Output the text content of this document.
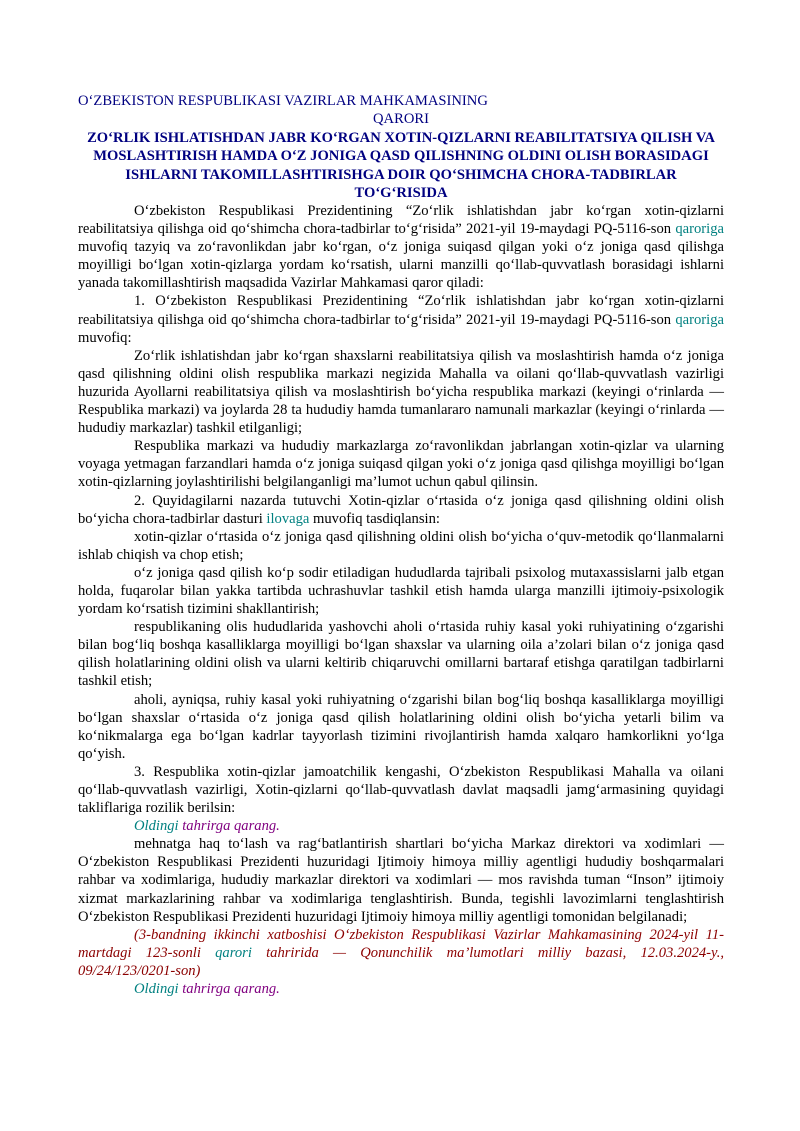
O‘ZBEKISTON RESPUBLIKASI VAZIRLAR MAHKAMASINING
QARORI
ZO‘RLIK ISHLATISHDAN JABR KO‘RGAN XOTIN-QIZLARNI REABILITATSIYA QILISH VA MOSLASHTIRISH HAMDA O‘Z JONIGA QASD QILISHNING OLDINI OLISH BORASIDAGI ISHLARNI TAKOMILLASHTIRISHGA DOIR QO‘SHIMCHA CHORA-TADBIRLAR TO‘G‘RISIDA

O‘zbekiston Respublikasi Prezidentining “Zo‘rlik ishlatishdan jabr ko‘rgan xotin-qizlarni reabilitatsiya qilishga oid qo‘shimcha chora-tadbirlar to‘g‘risida” 2021-yil 19-maydagi PQ-5116-son qaroriga muvofiq tazyiq va zo‘ravonlikdan jabr ko‘rgan, o‘z joniga suiqasd qilgan yoki o‘z joniga qasd qilishga moyilligi bo‘lgan xotin-qizlarga yordam ko‘rsatish, ularni manzilli qo‘llab-quvvatlash borasidagi ishlarni yanada takomillashtirish maqsadida Vazirlar Mahkamasi qaror qiladi:

1. O‘zbekiston Respublikasi Prezidentining “Zo‘rlik ishlatishdan jabr ko‘rgan xotin-qizlarni reabilitatsiya qilishga oid qo‘shimcha chora-tadbirlar to‘g‘risida” 2021-yil 19-maydagi PQ-5116-son qaroriga muvofiq:

Zo‘rlik ishlatishdan jabr ko‘rgan shaxslarni reabilitatsiya qilish va moslashtirish hamda o‘z joniga qasd qilishning oldini olish respublika markazi negizida Mahalla va oilani qo‘llab-quvvatlash vazirligi huzurida Ayollarni reabilitatsiya qilish va moslashtirish bo‘yicha respublika markazi (keyingi o‘rinlarda — Respublika markazi) va joylarda 28 ta hududiy hamda tumanlararo namunali markazlar (keyingi o‘rinlarda — hududiy markazlar) tashkil etilganligi;

Respublika markazi va hududiy markazlarga zo‘ravonlikdan jabrlangan xotin-qizlar va ularning voyaga yetmagan farzandlari hamda o‘z joniga suiqasd qilgan yoki o‘z joniga qasd qilishga moyilligi bo‘lgan xotin-qizlarning joylashtirilishi belgilanganligi ma’lumot uchun qabul qilinsin.

2. Quyidagilarni nazarda tutuvchi Xotin-qizlar o‘rtasida o‘z joniga qasd qilishning oldini olish bo‘yicha chora-tadbirlar dasturi ilovaga muvofiq tasdiqlansin:

xotin-qizlar o‘rtasida o‘z joniga qasd qilishning oldini olish bo‘yicha o‘quv-metodik qo‘llanmalarni ishlab chiqish va chop etish;

o‘z joniga qasd qilish ko‘p sodir etiladigan hududlarda tajribali psixolog mutaxassislarni jalb etgan holda, fuqarolar bilan yakka tartibda uchrashuvlar tashkil etish hamda ularga manzilli ijtimoiy-psixologik yordam ko‘rsatish tizimini shakllantirish;

respublikaning olis hududlarida yashovchi aholi o‘rtasida ruhiy kasal yoki ruhiyatining o‘zgarishi bilan bog‘liq boshqa kasalliklarga moyilligi bo‘lgan shaxslar va ularning oila a’zolari bilan o‘z joniga qasd qilish holatlarining oldini olish va ularni keltirib chiqaruvchi omillarni bartaraf etishga qaratilgan tadbirlarni tashkil etish;

aholi, ayniqsa, ruhiy kasal yoki ruhiyatning o‘zgarishi bilan bog‘liq boshqa kasalliklarga moyilligi bo‘lgan shaxslar o‘rtasida o‘z joniga qasd qilish holatlarining oldini olish bo‘yicha yetarli bilim va ko‘nikmalarga ega bo‘lgan kadrlar tayyorlash tizimini rivojlantirish hamda xalqaro hamkorlikni yo‘lga qo‘yish.

3. Respublika xotin-qizlar jamoatchilik kengashi, O‘zbekiston Respublikasi Mahalla va oilani qo‘llab-quvvatlash vazirligi, Xotin-qizlarni qo‘llab-quvvatlash davlat maqsadli jamg‘armasining quyidagi takliflariga rozilik berilsin:

Oldingi tahrirga qarang.

mehnatga haq to‘lash va rag‘batlantirish shartlari bo‘yicha Markaz direktori va xodimlari — O‘zbekiston Respublikasi Prezidenti huzuridagi Ijtimoiy himoya milliy agentligi hududiy boshqarmalari rahbar va xodimlariga, hududiy markazlar direktori va xodimlari — mos ravishda tuman “Inson” ijtimoiy xizmat markazlarining rahbar va xodimlariga tenglashtirish. Bunda, tegishli lavozimlarni tenglashtirish O‘zbekiston Respublikasi Prezidenti huzuridagi Ijtimoiy himoya milliy agentligi tomonidan belgilanadi;

(3-bandning ikkinchi xatboshisi O‘zbekiston Respublikasi Vazirlar Mahkamasining 2024-yil 11-martdagi 123-sonli qarori tahririda — Qonunchilik ma’lumotlari milliy bazasi, 12.03.2024-y., 09/24/123/0201-son)

Oldingi tahrirga qarang.
